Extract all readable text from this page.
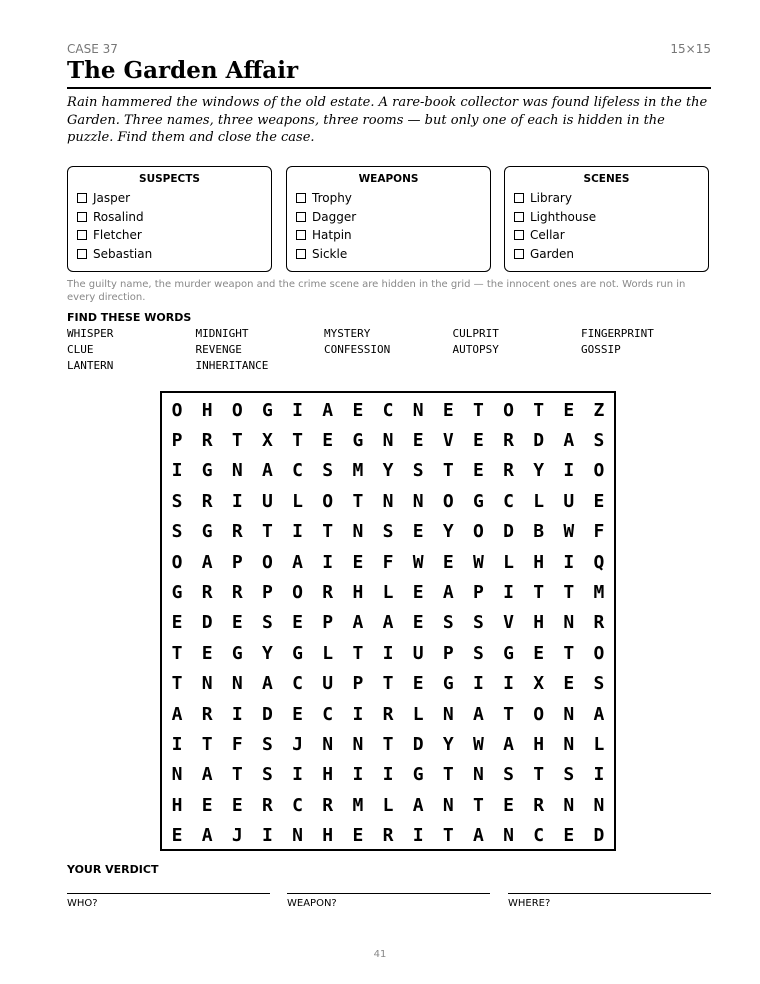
CASE 37	15×15
The Garden Affair

Rain hammered the windows of the old estate. A rare-book collector was found lifeless in the the Garden. Three names, three weapons, three rooms — but only one of each is hidden in the puzzle. Find them and close the case.

SUSPECTS
Jasper
Rosalind
Fletcher
Sebastian
WEAPONS
Trophy
Dagger
Hatpin
Sickle
SCENES
Library
Lighthouse
Cellar
Garden

The guilty name, the murder weapon and the crime scene are hidden in the grid — the innocent ones are not. Words run in every direction.

FIND THESE WORDS
WHISPER	MIDNIGHT	MYSTERY	CULPRIT	FINGERPRINT
CLUE	REVENGE	CONFESSION	AUTOPSY	GOSSIP
LANTERN	INHERITANCE
O	H	O	G	I	A	E	C	N	E	T	O	T	E	Z
P	R	T	X	T	E	G	N	E	V	E	R	D	A	S
I	G	N	A	C	S	M	Y	S	T	E	R	Y	I	O
S	R	I	U	L	O	T	N	N	O	G	C	L	U	E
S	G	R	T	I	T	N	S	E	Y	O	D	B	W	F
O	A	P	O	A	I	E	F	W	E	W	L	H	I	Q
G	R	R	P	O	R	H	L	E	A	P	I	T	T	M
E	D	E	S	E	P	A	A	E	S	S	V	H	N	R
T	E	G	Y	G	L	T	I	U	P	S	G	E	T	O
T	N	N	A	C	U	P	T	E	G	I	I	X	E	S
A	R	I	D	E	C	I	R	L	N	A	T	O	N	A
I	T	F	S	J	N	N	T	D	Y	W	A	H	N	L
N	A	T	S	I	H	I	I	G	T	N	S	T	S	I
H	E	E	R	C	R	M	L	A	N	T	E	R	N	N
E	A	J	I	N	H	E	R	I	T	A	N	C	E	D
YOUR VERDICT
WHO?	WEAPON?	WHERE?
41
